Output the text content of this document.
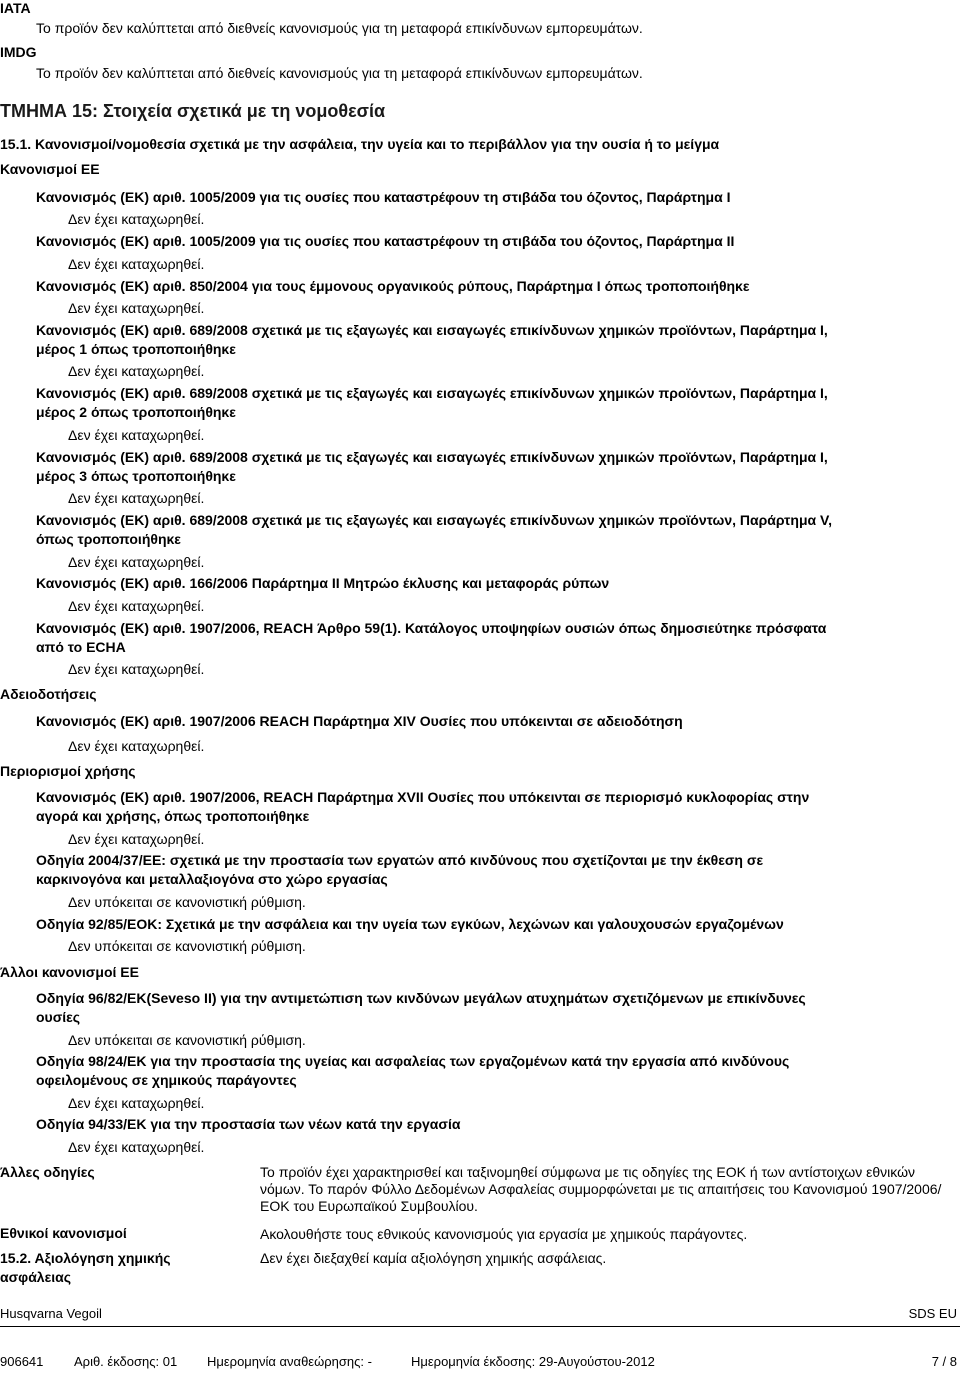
IATA
Το προϊόν δεν καλύπτεται από διεθνείς κανονισμούς για τη μεταφορά επικίνδυνων εμπορευμάτων.
IMDG
Το προϊόν δεν καλύπτεται από διεθνείς κανονισμούς για τη μεταφορά επικίνδυνων εμπορευμάτων.
ΤΜΗΜΑ 15: Στοιχεία σχετικά με τη νομοθεσία
15.1. Κανονισμοί/νομοθεσία σχετικά με την ασφάλεια, την υγεία και το περιβάλλον για την ουσία ή το μείγμα
Κανονισμοί ΕΕ
Κανονισμός (ΕΚ) αριθ. 1005/2009 για τις ουσίες που καταστρέφουν τη στιβάδα του όζοντος, Παράρτημα I
Δεν έχει καταχωρηθεί.
Κανονισμός (ΕΚ) αριθ. 1005/2009 για τις ουσίες που καταστρέφουν τη στιβάδα του όζοντος, Παράρτημα II
Δεν έχει καταχωρηθεί.
Κανονισμός (ΕΚ) αριθ. 850/2004 για τους έμμονους οργανικούς ρύπους, Παράρτημα I όπως τροποποιήθηκε
Δεν έχει καταχωρηθεί.
Κανονισμός (ΕΚ) αριθ. 689/2008 σχετικά με τις εξαγωγές και εισαγωγές επικίνδυνων χημικών προϊόντων, Παράρτημα I,
μέρος 1 όπως τροποποιήθηκε
Δεν έχει καταχωρηθεί.
Κανονισμός (ΕΚ) αριθ. 689/2008 σχετικά με τις εξαγωγές και εισαγωγές επικίνδυνων χημικών προϊόντων, Παράρτημα I,
μέρος 2 όπως τροποποιήθηκε
Δεν έχει καταχωρηθεί.
Κανονισμός (ΕΚ) αριθ. 689/2008 σχετικά με τις εξαγωγές και εισαγωγές επικίνδυνων χημικών προϊόντων, Παράρτημα I,
μέρος 3 όπως τροποποιήθηκε
Δεν έχει καταχωρηθεί.
Κανονισμός (ΕΚ) αριθ. 689/2008 σχετικά με τις εξαγωγές και εισαγωγές επικίνδυνων χημικών προϊόντων, Παράρτημα V,
όπως τροποποιήθηκε
Δεν έχει καταχωρηθεί.
Κανονισμός (ΕΚ) αριθ. 166/2006 Παράρτημα II Μητρώο έκλυσης και μεταφοράς ρύπων
Δεν έχει καταχωρηθεί.
Κανονισμός (ΕΚ) αριθ. 1907/2006, REACH Άρθρο 59(1). Κατάλογος υποψηφίων ουσιών όπως δημοσιεύτηκε πρόσφατα
από το ECHA
Δεν έχει καταχωρηθεί.
Αδειοδοτήσεις
Κανονισμός (ΕΚ) αριθ. 1907/2006 REACH Παράρτημα XIV Ουσίες που υπόκεινται σε αδειοδότηση
Δεν έχει καταχωρηθεί.
Περιορισμοί χρήσης
Κανονισμός (ΕΚ) αριθ. 1907/2006, REACH Παράρτημα XVII Ουσίες που υπόκεινται σε περιορισμό κυκλοφορίας στην
αγορά και χρήσης, όπως τροποποιήθηκε
Δεν έχει καταχωρηθεί.
Οδηγία 2004/37/ΕΕ: σχετικά με την προστασία των εργατών από κινδύνους που σχετίζονται με την έκθεση σε
καρκινογόνα και μεταλλαξιογόνα στο χώρο εργασίας
Δεν υπόκειται σε κανονιστική ρύθμιση.
Οδηγία 92/85/ΕΟΚ: Σχετικά με την ασφάλεια και την υγεία των εγκύων, λεχώνων και γαλουχουσών εργαζομένων
Δεν υπόκειται σε κανονιστική ρύθμιση.
Άλλοι κανονισμοί ΕΕ
Οδηγία 96/82/ΕΚ(Seveso II) για την αντιμετώπιση των κινδύνων μεγάλων ατυχημάτων σχετιζόμενων με επικίνδυνες
ουσίες
Δεν υπόκειται σε κανονιστική ρύθμιση.
Οδηγία 98/24/ΕΚ για την προστασία της υγείας και ασφαλείας των εργαζομένων κατά την εργασία από κινδύνους
οφειλομένους σε χημικούς παράγοντες
Δεν έχει καταχωρηθεί.
Οδηγία 94/33/ΕΚ για την προστασία των νέων κατά την εργασία
Δεν έχει καταχωρηθεί.
Άλλες οδηγίες	Το προϊόν έχει χαρακτηρισθεί και ταξινομηθεί σύμφωνα με τις οδηγίες της ΕΟΚ ή των αντίστοιχων εθνικών νόμων. Το παρόν Φύλλο Δεδομένων Ασφαλείας συμμορφώνεται με τις απαιτήσεις του Κανονισμού 1907/2006/ΕΟΚ του Ευρωπαϊκού Συμβουλίου.
Εθνικοί κανονισμοί	Ακολουθήστε τους εθνικούς κανονισμούς για εργασία με χημικούς παράγοντες.
15.2. Αξιολόγηση χημικής
ασφάλειας
Δεν έχει διεξαχθεί καμία αξιολόγηση χημικής ασφάλειας.
Husqvarna Vegoil	SDS EU
906641 Αριθ. έκδοσης: 01 Ημερομηνία αναθεώρησης: -	Ημερομηνία έκδοσης: 29-Αυγούστου-2012	7 / 8
